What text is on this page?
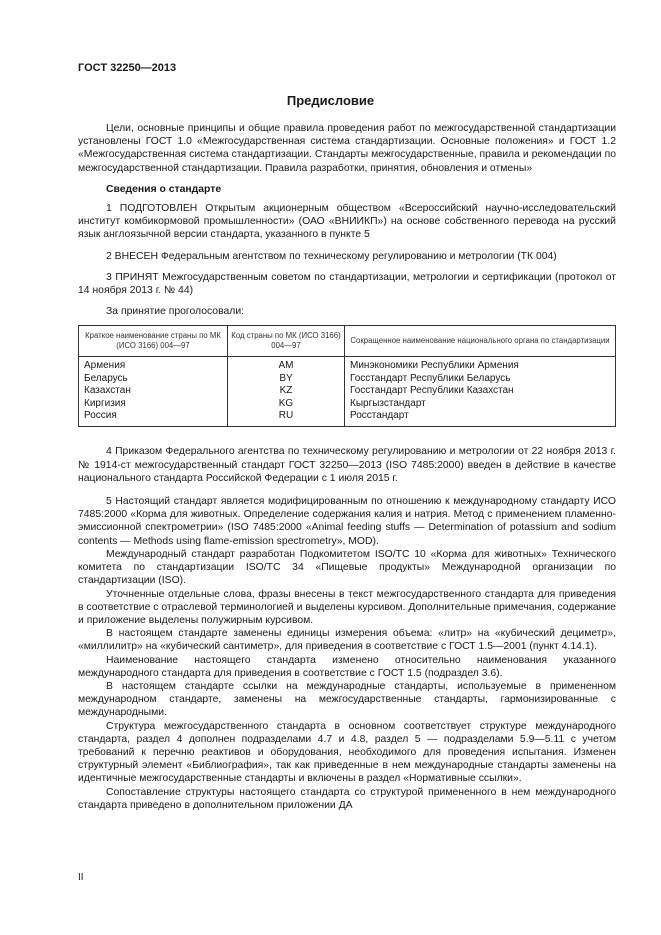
ГОСТ 32250—2013
Предисловие

Цели, основные принципы и общие правила проведения работ по межгосударственной стандартизации установлены ГОСТ 1.0 «Межгосударственная система стандартизации. Основные положения» и ГОСТ 1.2 «Межгосударственная система стандартизации. Стандарты межгосударственные, правила и рекомендации по межгосударственной стандартизации. Правила разработки, принятия, обновления и отмены»

Сведения о стандарте

1 ПОДГОТОВЛЕН Открытым акционерным обществом «Всероссийский научно-исследовательский институт комбикормовой промышленности» (ОАО «ВНИИКП») на основе собственного перевода на русский язык англоязычной версии стандарта, указанного в пункте 5

2 ВНЕСЕН Федеральным агентством по техническому регулированию и метрологии (ТК 004)

3 ПРИНЯТ Межгосударственным советом по стандартизации, метрологии и сертификации (протокол от 14 ноября 2013 г. № 44)

За принятие проголосовали:

Краткое наименование страны по МК (ИСО 3166) 004—97	Код страны по МК (ИСО 3166) 004—97	Сокращенное наименование национального органа по стандартизации
Армения	AM	Минэкономики Республики Армения
Беларусь	BY	Госстандарт Республики Беларусь
Казахстан	KZ	Госстандарт Республики Казахстан
Киргизия	KG	Кыргызстандарт
Россия	RU	Росстандарт

4 Приказом Федерального агентства по техническому регулированию и метрологии от 22 ноября 2013 г. № 1914-ст межгосударственный стандарт ГОСТ 32250—2013 (ISO 7485:2000) введен в действие в качестве национального стандарта Российской Федерации с 1 июля 2015 г.

5 Настоящий стандарт является модифицированным по отношению к международному стандарту ИСО 7485:2000 «Корма для животных. Определение содержания калия и натрия. Метод с применением пламенно-эмиссионной спектрометрии» (ISO 7485:2000 «Animal feeding stuffs — Determination of potassium and sodium contents — Methods using flame-emission spectrometry», MOD).

Международный стандарт разработан Подкомитетом ISO/TC 10 «Корма для животных» Технического комитета по стандартизации ISO/TC 34 «Пищевые продукты» Международной организации по стандартизации (ISO).

Уточненные отдельные слова, фразы внесены в текст межгосударственного стандарта для приведения в соответствие с отраслевой терминологией и выделены курсивом. Дополнительные примечания, содержание и приложение выделены полужирным курсивом.

В настоящем стандарте заменены единицы измерения объема: «литр» на «кубический дециметр», «миллилитр» на «кубический сантиметр», для приведения в соответствие с ГОСТ 1.5—2001 (пункт 4.14.1).

Наименование настоящего стандарта изменено относительно наименования указанного международного стандарта для приведения в соответствие с ГОСТ 1.5 (подраздел 3.6).

В настоящем стандарте ссылки на международные стандарты, используемые в примененном международном стандарте, заменены на межгосударственные стандарты, гармонизированные с международными.

Структура межгосударственного стандарта в основном соответствует структуре международного стандарта, раздел 4 дополнен подразделами 4.7 и 4.8, раздел 5 — подразделами 5.9—5.11 с учетом требований к перечню реактивов и оборудования, необходимого для проведения испытания. Изменен структурный элемент «Библиография», так как приведенные в нем международные стандарты заменены на идентичные межгосударственные стандарты и включены в раздел «Нормативные ссылки».

Сопоставление структуры настоящего стандарта со структурой примененного в нем международного стандарта приведено в дополнительном приложении ДА

II
